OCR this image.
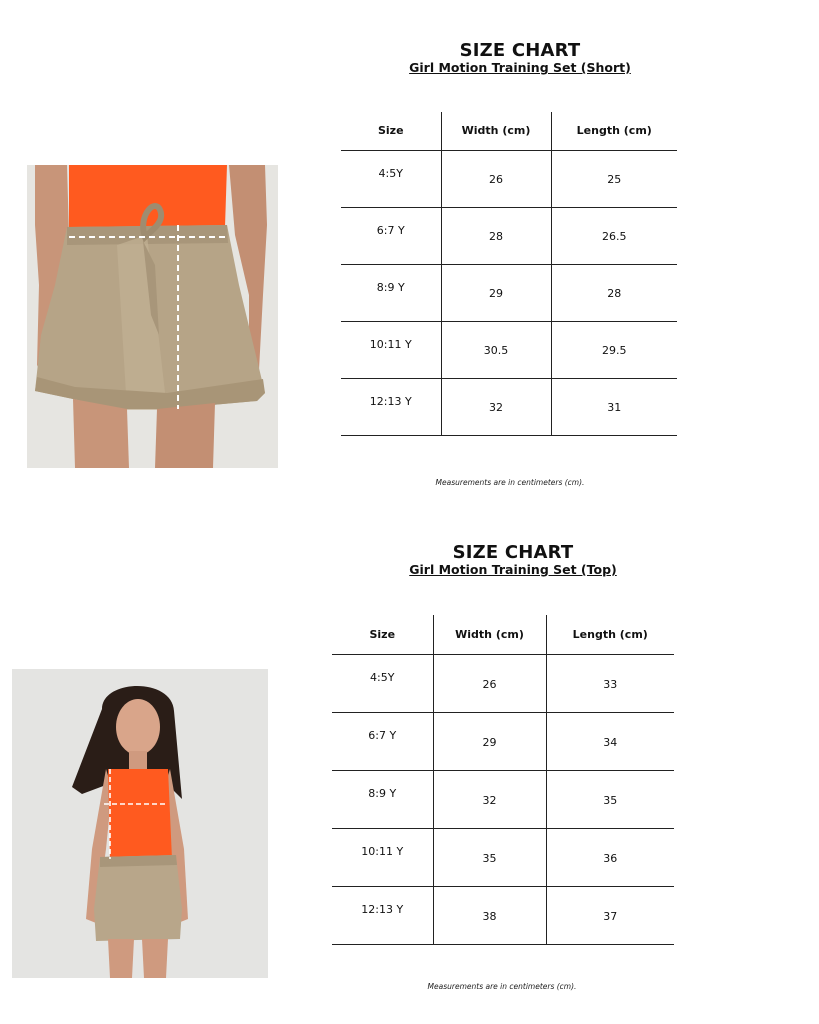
SIZE CHART
Girl Motion Training Set (Short)
Size	Width (cm)	Length (cm)
4:5Y	26	25
6:7 Y	28	26.5
8:9 Y	29	28
10:11 Y	30.5	29.5
12:13 Y	32	31
Measurements are in centimeters (cm).
SIZE CHART
Girl Motion Training Set (Top)
Size	Width (cm)	Length (cm)
4:5Y	26	33
6:7 Y	29	34
8:9 Y	32	35
10:11 Y	35	36
12:13 Y	38	37
Measurements are in centimeters (cm).
